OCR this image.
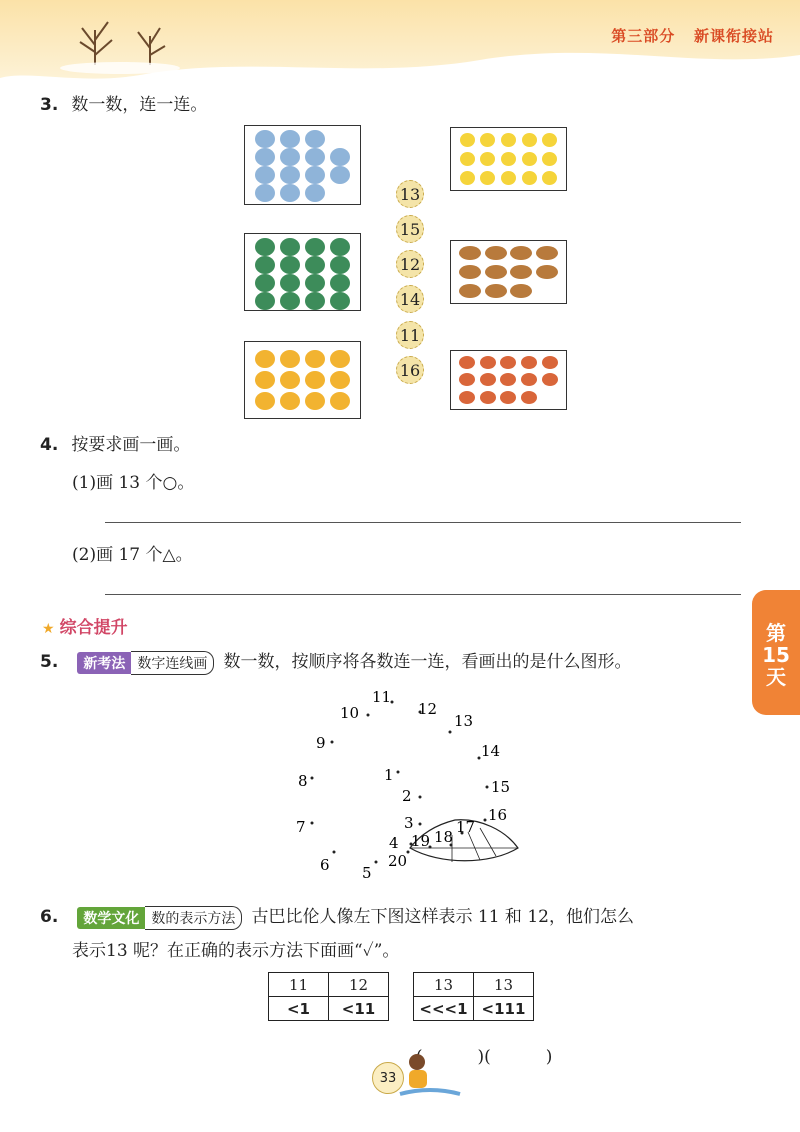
第三部分 新课衔接站
第
15
天
3. 数一数，连一连。
13
15
12
14
11
16
4. 按要求画一画。
(1)画 13 个○。
(2)画 17 个△。
★ 综合提升
5. 新考法 数字连线画 数一数，按顺序将各数连一连，看画出的是什么图形。
1
2
3
4
5
6
7
8
9
10
11
12
13
14
15
16
17
18
19
20
6. 数学文化 数的表示方法 古巴比伦人像左下图这样表示 11 和 12，他们怎么
表示13 呢？在正确的表示方法下面画“✓”。
11	12
<1	<11
13	13
<<<1	<111

)(	)

33
